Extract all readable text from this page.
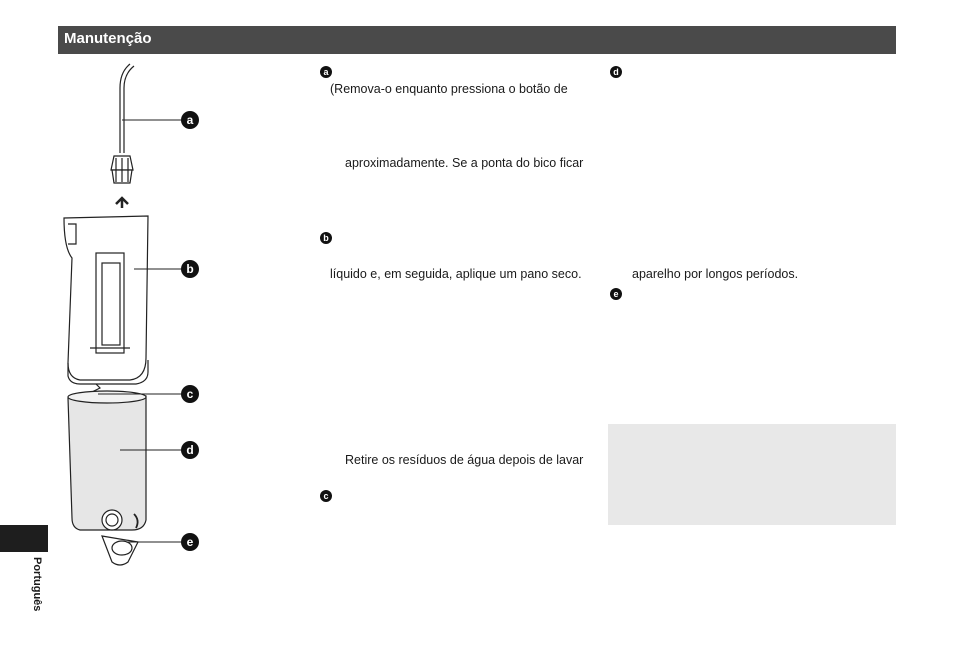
Manutenção
Português
a
b
c
d
e
a
(Remova-o enquanto pressiona o botão de
aproximadamente. Se a ponta do bico ficar
b
líquido e, em seguida, aplique um pano seco.
Retire os resíduos de água depois de lavar
c
d
aparelho por longos períodos.
e
